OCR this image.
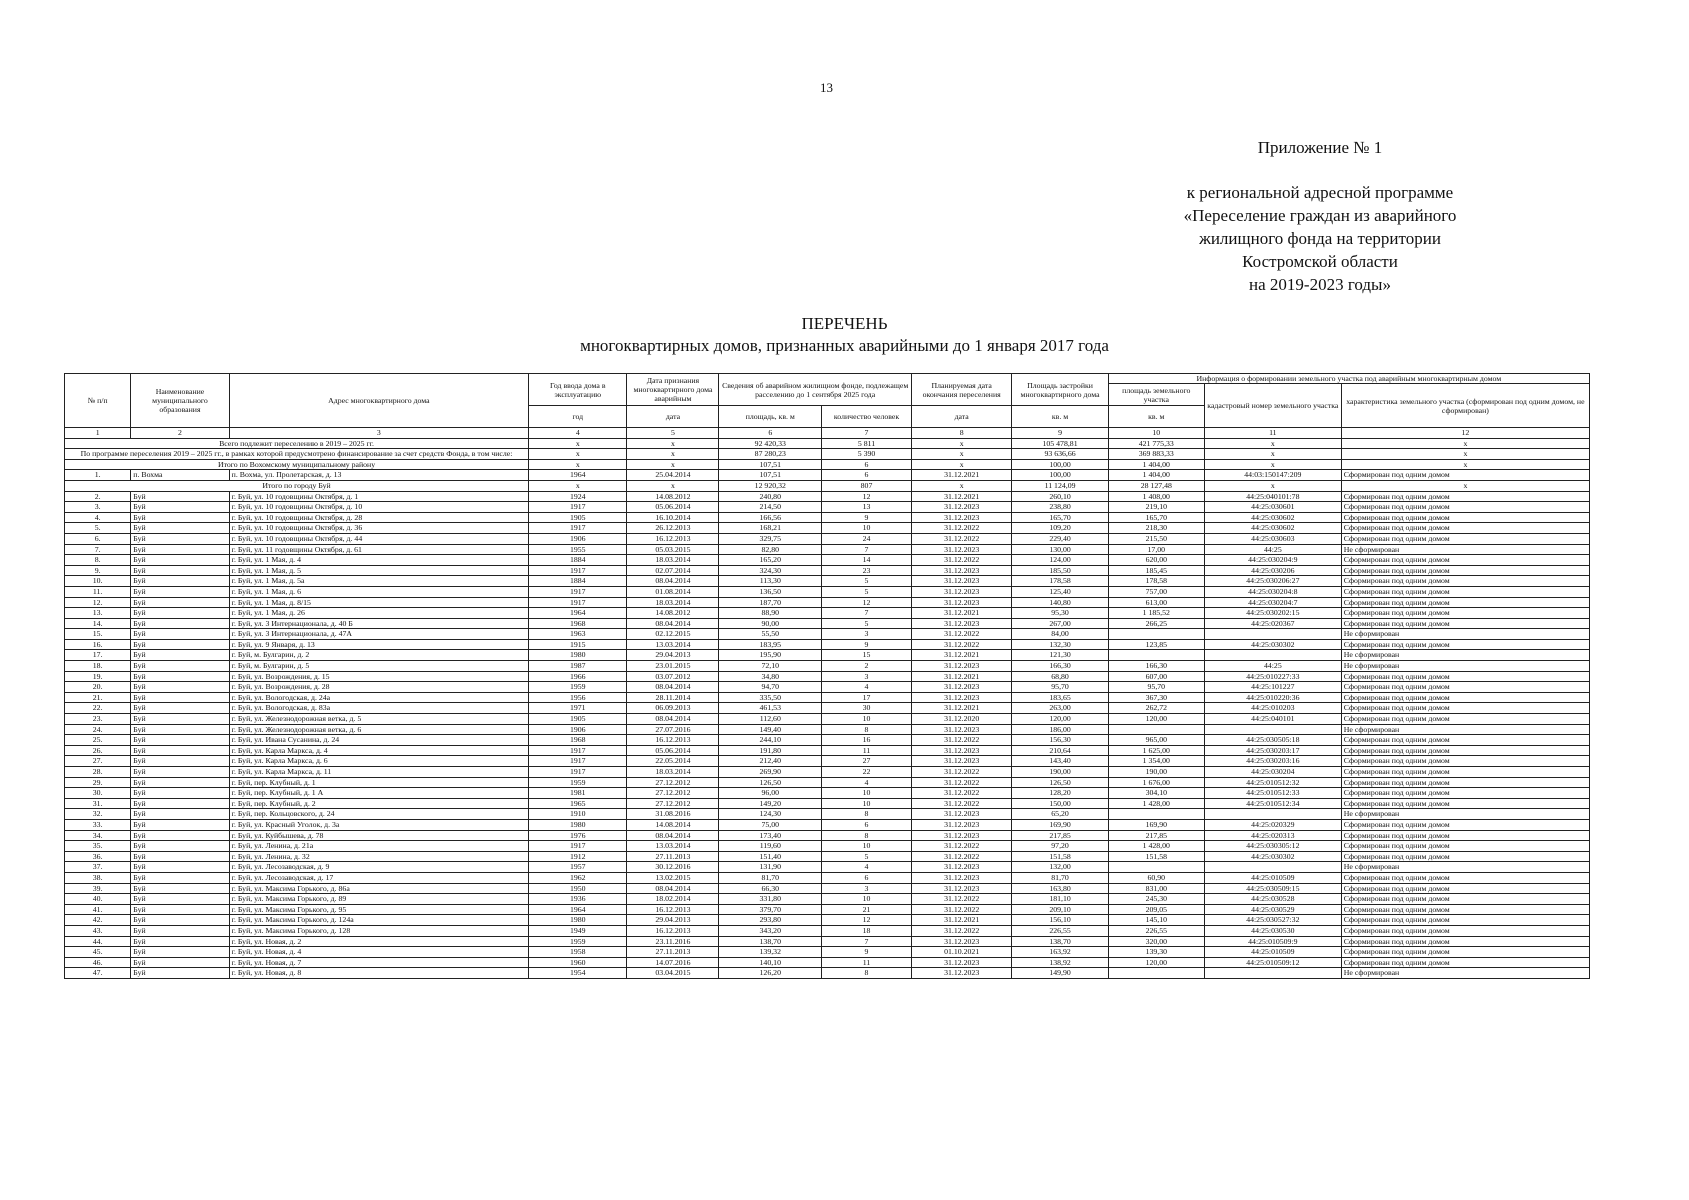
13
Приложение № 1
к региональной адресной программе
«Переселение граждан из аварийного
жилищного фонда на территории
Костромской области
на 2019-2023 годы»
ПЕРЕЧЕНЬ
многоквартирных домов, признанных аварийными до 1 января 2017 года
№ п/п	Наименование муниципального образования	Адрес многоквартирного дома	Год ввода дома в эксплуатацию	Дата признания многоквартирного дома аварийным	Сведения об аварийном жилищном фонде, подлежащем расселению до 1 сентября 2025 года		Планируемая дата окончания переселения	Площадь застройки многоквартирного дома	Информация о формировании земельного участка под аварийным многоквартирным домом		
									площадь земельного участка	кадастровый номер земельного участка	характеристика земельного участка (сформирован под одним домом, не сформирован)
			год	дата	площадь, кв. м	количество человек	дата	кв. м	кв. м		
1	2	3	4	5	6	7	8	9	10	11	12
Всего подлежит переселению в 2019 – 2025 гг.			х	х	92 420,33	5 811	х	105 478,81	421 775,33	х	х
По программе переселения 2019 – 2025 гг., в рамках которой предусмотрено финансирование за счет средств Фонда, в том числе:			х	х	87 280,23	5 390	х	93 636,66	369 883,33	х	х
Итого по Вохомскому муниципальному району			х	х	107,51	6	х	100,00	1 404,00	х	х
1.	п. Вохма	п. Вохма, ул. Пролетарская, д. 13	1964	25.04.2014	107,51	6	31.12.2021	100,00	1 404,00	44:03:150147:209	Сформирован под одним домом
Итого по городу Буй			х	х	12 920,32	807	х	11 124,09	28 127,48	х	х
2.	Буй	г. Буй, ул. 10 годовщины Октября, д. 1	1924	14.08.2012	240,80	12	31.12.2021	260,10	1 408,00	44:25:040101:78	Сформирован под одним домом
3.	Буй	г. Буй, ул. 10 годовщины Октября, д. 10	1917	05.06.2014	214,50	13	31.12.2023	238,80	219,10	44:25:030601	Сформирован под одним домом
4.	Буй	г. Буй, ул. 10 годовщины Октября, д. 28	1905	16.10.2014	166,56	9	31.12.2023	165,70	165,70	44:25:030602	Сформирован под одним домом
5.	Буй	г. Буй, ул. 10 годовщины Октября, д. 36	1917	26.12.2013	168,21	10	31.12.2022	109,20	218,30	44:25:030602	Сформирован под одним домом
6.	Буй	г. Буй, ул. 10 годовщины Октября, д. 44	1906	16.12.2013	329,75	24	31.12.2022	229,40	215,50	44:25:030603	Сформирован под одним домом
7.	Буй	г. Буй, ул. 11 годовщины Октября, д. 61	1955	05.03.2015	82,80	7	31.12.2023	130,00	17,00	44:25	Не сформирован
8.	Буй	г. Буй, ул. 1 Мая, д. 4	1884	18.03.2014	165,20	14	31.12.2022	124,00	620,00	44:25:030204:9	Сформирован под одним домом
9.	Буй	г. Буй, ул. 1 Мая, д. 5	1917	02.07.2014	324,30	23	31.12.2023	185,50	185,45	44:25:030206	Сформирован под одним домом
10.	Буй	г. Буй, ул. 1 Мая, д. 5а	1884	08.04.2014	113,30	5	31.12.2023	178,58	178,58	44:25:030206:27	Сформирован под одним домом
11.	Буй	г. Буй, ул. 1 Мая, д. 6	1917	01.08.2014	136,50	5	31.12.2023	125,40	757,00	44:25:030204:8	Сформирован под одним домом
12.	Буй	г. Буй, ул. 1 Мая, д. 8/15	1917	18.03.2014	187,70	12	31.12.2023	140,80	613,00	44:25:030204:7	Сформирован под одним домом
13.	Буй	г. Буй, ул. 1 Мая, д. 26	1964	14.08.2012	88,90	7	31.12.2021	95,30	1 185,52	44:25:030202:15	Сформирован под одним домом
14.	Буй	г. Буй, ул. 3 Интернационала, д. 40 Б	1968	08.04.2014	90,00	5	31.12.2023	267,00	266,25	44:25:020367	Сформирован под одним домом
15.	Буй	г. Буй, ул. 3 Интернационала, д. 47А	1963	02.12.2015	55,50	3	31.12.2022	84,00			Не сформирован
16.	Буй	г. Буй, ул. 9 Января, д. 13	1915	13.03.2014	183,95	9	31.12.2022	132,30	123,85	44:25:030302	Сформирован под одним домом
17.	Буй	г. Буй, м. Булгарин, д. 2	1980	29.04.2013	195,90	15	31.12.2021	121,30			Не сформирован
18.	Буй	г. Буй, м. Булгарин, д. 5	1987	23.01.2015	72,10	2	31.12.2023	166,30	166,30	44:25	Не сформирован
19.	Буй	г. Буй, ул. Возрождения, д. 15	1966	03.07.2012	34,80	3	31.12.2021	68,80	607,00	44:25:010227:33	Сформирован под одним домом
20.	Буй	г. Буй, ул. Возрождения, д. 28	1959	08.04.2014	94,70	4	31.12.2023	95,70	95,70	44:25:101227	Сформирован под одним домом
21.	Буй	г. Буй, ул. Вологодская, д. 24а	1956	28.11.2014	335,50	17	31.12.2023	183,65	367,30	44:25:010220:36	Сформирован под одним домом
22.	Буй	г. Буй, ул. Вологодская, д. 83а	1971	06.09.2013	461,53	30	31.12.2021	263,00	262,72	44:25:010203	Сформирован под одним домом
23.	Буй	г. Буй, ул. Железнодорожная ветка, д. 5	1905	08.04.2014	112,60	10	31.12.2020	120,00	120,00	44:25:040101	Сформирован под одним домом
24.	Буй	г. Буй, ул. Железнодорожная ветка, д. 6	1906	27.07.2016	149,40	8	31.12.2023	186,00			Не сформирован
25.	Буй	г. Буй, ул. Ивана Сусанина, д. 24	1968	16.12.2013	244,10	16	31.12.2022	156,30	965,00	44:25:030505:18	Сформирован под одним домом
26.	Буй	г. Буй, ул. Карла Маркса, д. 4	1917	05.06.2014	191,80	11	31.12.2023	210,64	1 625,00	44:25:030203:17	Сформирован под одним домом
27.	Буй	г. Буй, ул. Карла Маркса, д. 6	1917	22.05.2014	212,40	27	31.12.2023	143,40	1 354,00	44:25:030203:16	Сформирован под одним домом
28.	Буй	г. Буй, ул. Карла Маркса, д. 11	1917	18.03.2014	269,90	22	31.12.2022	190,00	190,00	44:25:030204	Сформирован под одним домом
29.	Буй	г. Буй, пер. Клубный, д. 1	1959	27.12.2012	126,50	4	31.12.2022	126,50	1 676,00	44:25:010512:32	Сформирован под одним домом
30.	Буй	г. Буй, пер. Клубный, д. 1 А	1981	27.12.2012	96,00	10	31.12.2022	128,20	304,10	44:25:010512:33	Сформирован под одним домом
31.	Буй	г. Буй, пер. Клубный, д. 2	1965	27.12.2012	149,20	10	31.12.2022	150,00	1 428,00	44:25:010512:34	Сформирован под одним домом
32.	Буй	г. Буй, пер. Кольцовского, д. 24	1910	31.08.2016	124,30	8	31.12.2023	65,20			Не сформирован
33.	Буй	г. Буй, ул. Красный Уголок, д. 3а	1980	14.08.2014	75,00	6	31.12.2023	169,90	169,90	44:25:020329	Сформирован под одним домом
34.	Буй	г. Буй, ул. Куйбышева, д. 78	1976	08.04.2014	173,40	8	31.12.2023	217,85	217,85	44:25:020313	Сформирован под одним домом
35.	Буй	г. Буй, ул. Ленина, д. 21а	1917	13.03.2014	119,60	10	31.12.2022	97,20	1 428,00	44:25:030305:12	Сформирован под одним домом
36.	Буй	г. Буй, ул. Ленина, д. 32	1912	27.11.2013	151,40	5	31.12.2022	151,58	151,58	44:25:030302	Сформирован под одним домом
37.	Буй	г. Буй, ул. Лесозаводская, д. 9	1957	30.12.2016	131,90	4	31.12.2023	132,00			Не сформирован
38.	Буй	г. Буй, ул. Лесозаводская, д. 17	1962	13.02.2015	81,70	6	31.12.2023	81,70	60,90	44:25:010509	Сформирован под одним домом
39.	Буй	г. Буй, ул. Максима Горького, д. 86а	1950	08.04.2014	66,30	3	31.12.2023	163,80	831,00	44:25:030509:15	Сформирован под одним домом
40.	Буй	г. Буй, ул. Максима Горького, д. 89	1936	18.02.2014	331,80	10	31.12.2022	181,10	245,30	44:25:030528	Сформирован под одним домом
41.	Буй	г. Буй, ул. Максима Горького, д. 95	1964	16.12.2013	379,70	21	31.12.2022	209,10	209,05	44:25:030529	Сформирован под одним домом
42.	Буй	г. Буй, ул. Максима Горького, д. 124а	1980	29.04.2013	293,80	12	31.12.2021	156,10	145,10	44:25:030527:32	Сформирован под одним домом
43.	Буй	г. Буй, ул. Максима Горького, д. 128	1949	16.12.2013	343,20	18	31.12.2022	226,55	226,55	44:25:030530	Сформирован под одним домом
44.	Буй	г. Буй, ул. Новая, д. 2	1959	23.11.2016	138,70	7	31.12.2023	138,70	320,00	44:25:010509:9	Сформирован под одним домом
45.	Буй	г. Буй, ул. Новая, д. 4	1958	27.11.2013	139,32	9	01.10.2021	163,92	139,30	44:25:010509	Сформирован под одним домом
46.	Буй	г. Буй, ул. Новая, д. 7	1960	14.07.2016	140,10	11	31.12.2023	138,92	120,00	44:25:010509:12	Сформирован под одним домом
47.	Буй	г. Буй, ул. Новая, д. 8	1954	03.04.2015	126,20	8	31.12.2023	149,90			Не сформирован
